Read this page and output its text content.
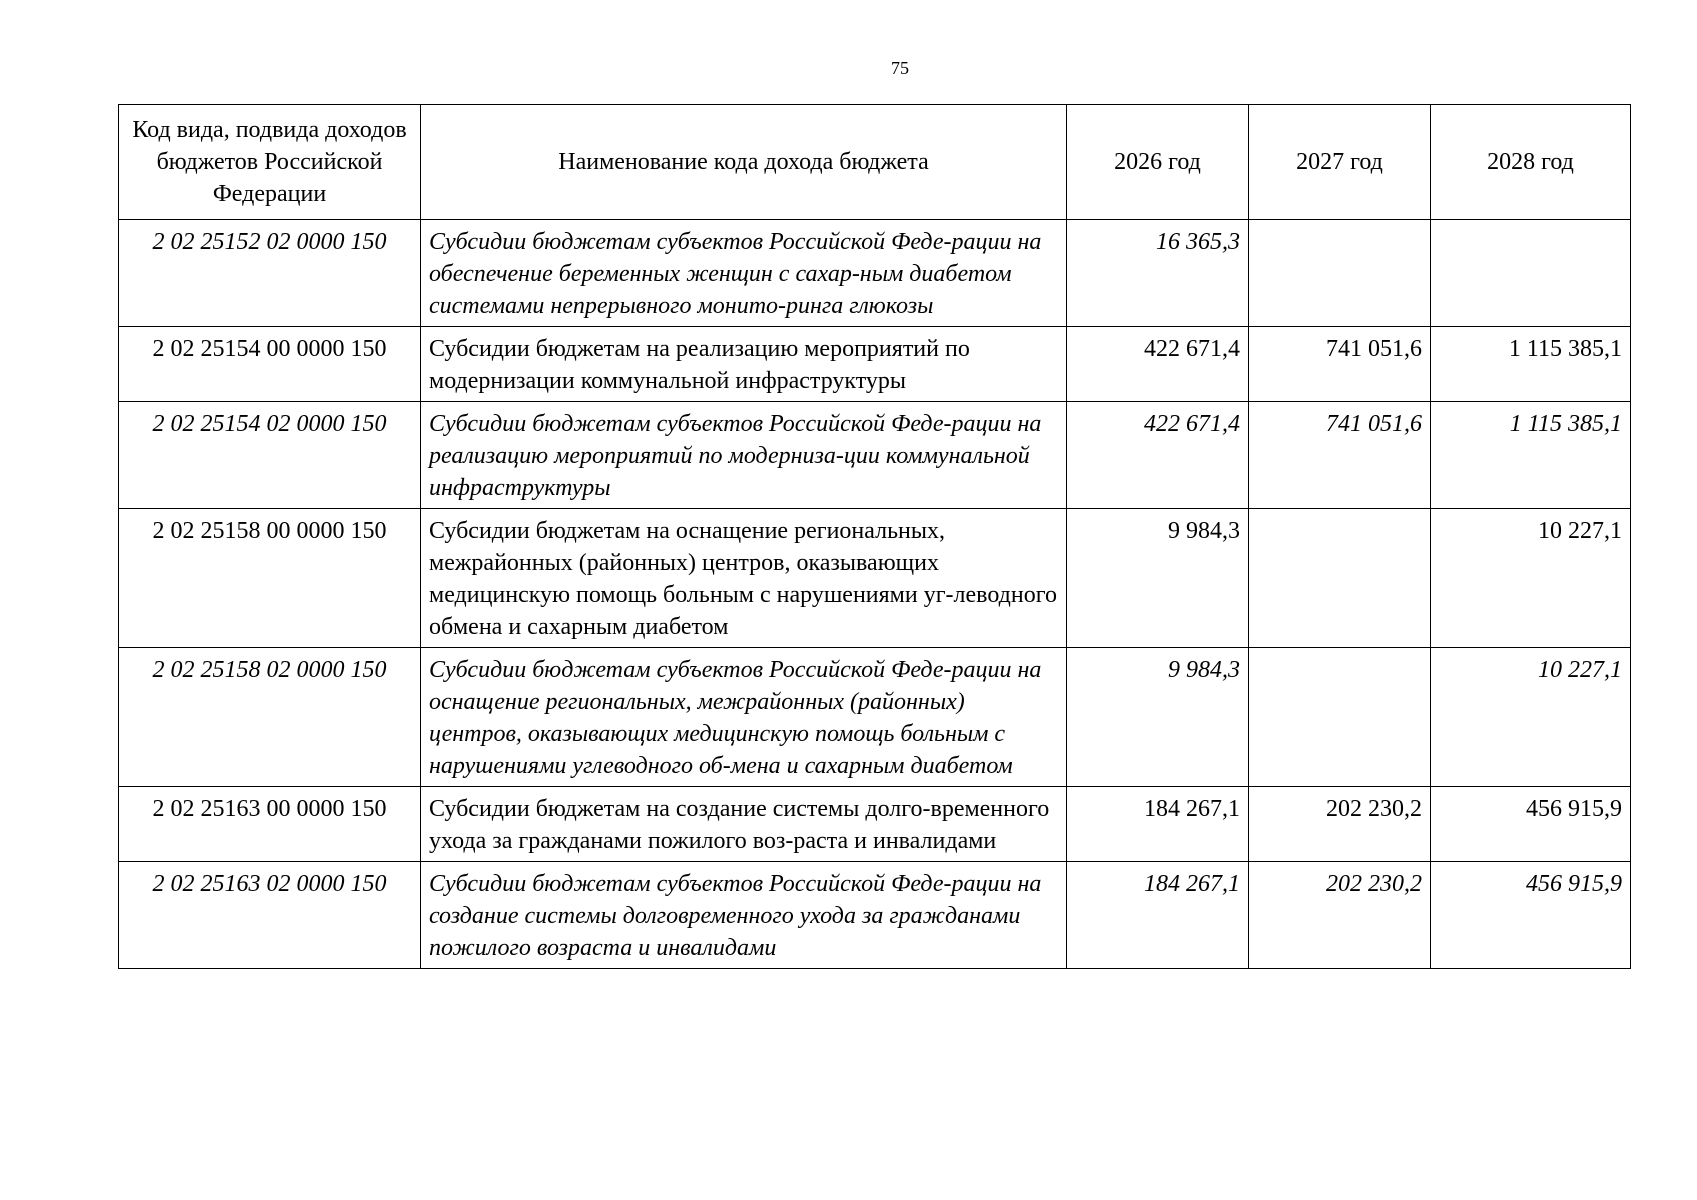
75
Код вида, подвида доходов бюджетов Российской Федерации	Наименование кода дохода бюджета	2026 год	2027 год	2028 год
2 02 25152 02 0000 150	Субсидии бюджетам субъектов Российской Феде-рации на обеспечение беременных женщин с сахар-ным диабетом системами непрерывного монито-ринга глюкозы	16 365,3		
2 02 25154 00 0000 150	Субсидии бюджетам на реализацию мероприятий по модернизации коммунальной инфраструктуры	422 671,4	741 051,6	1 115 385,1
2 02 25154 02 0000 150	Субсидии бюджетам субъектов Российской Феде-рации на реализацию мероприятий по модерниза-ции коммунальной инфраструктуры	422 671,4	741 051,6	1 115 385,1
2 02 25158 00 0000 150	Субсидии бюджетам на оснащение региональных, межрайонных (районных) центров, оказывающих медицинскую помощь больным с нарушениями уг-леводного обмена и сахарным диабетом	9 984,3		10 227,1
2 02 25158 02 0000 150	Субсидии бюджетам субъектов Российской Феде-рации на оснащение региональных, межрайонных (районных) центров, оказывающих медицинскую помощь больным с нарушениями углеводного об-мена и сахарным диабетом	9 984,3		10 227,1
2 02 25163 00 0000 150	Субсидии бюджетам на создание системы долго-временного ухода за гражданами пожилого воз-раста и инвалидами	184 267,1	202 230,2	456 915,9
2 02 25163 02 0000 150	Субсидии бюджетам субъектов Российской Феде-рации на создание системы долговременного ухода за гражданами пожилого возраста и инвалидами	184 267,1	202 230,2	456 915,9
